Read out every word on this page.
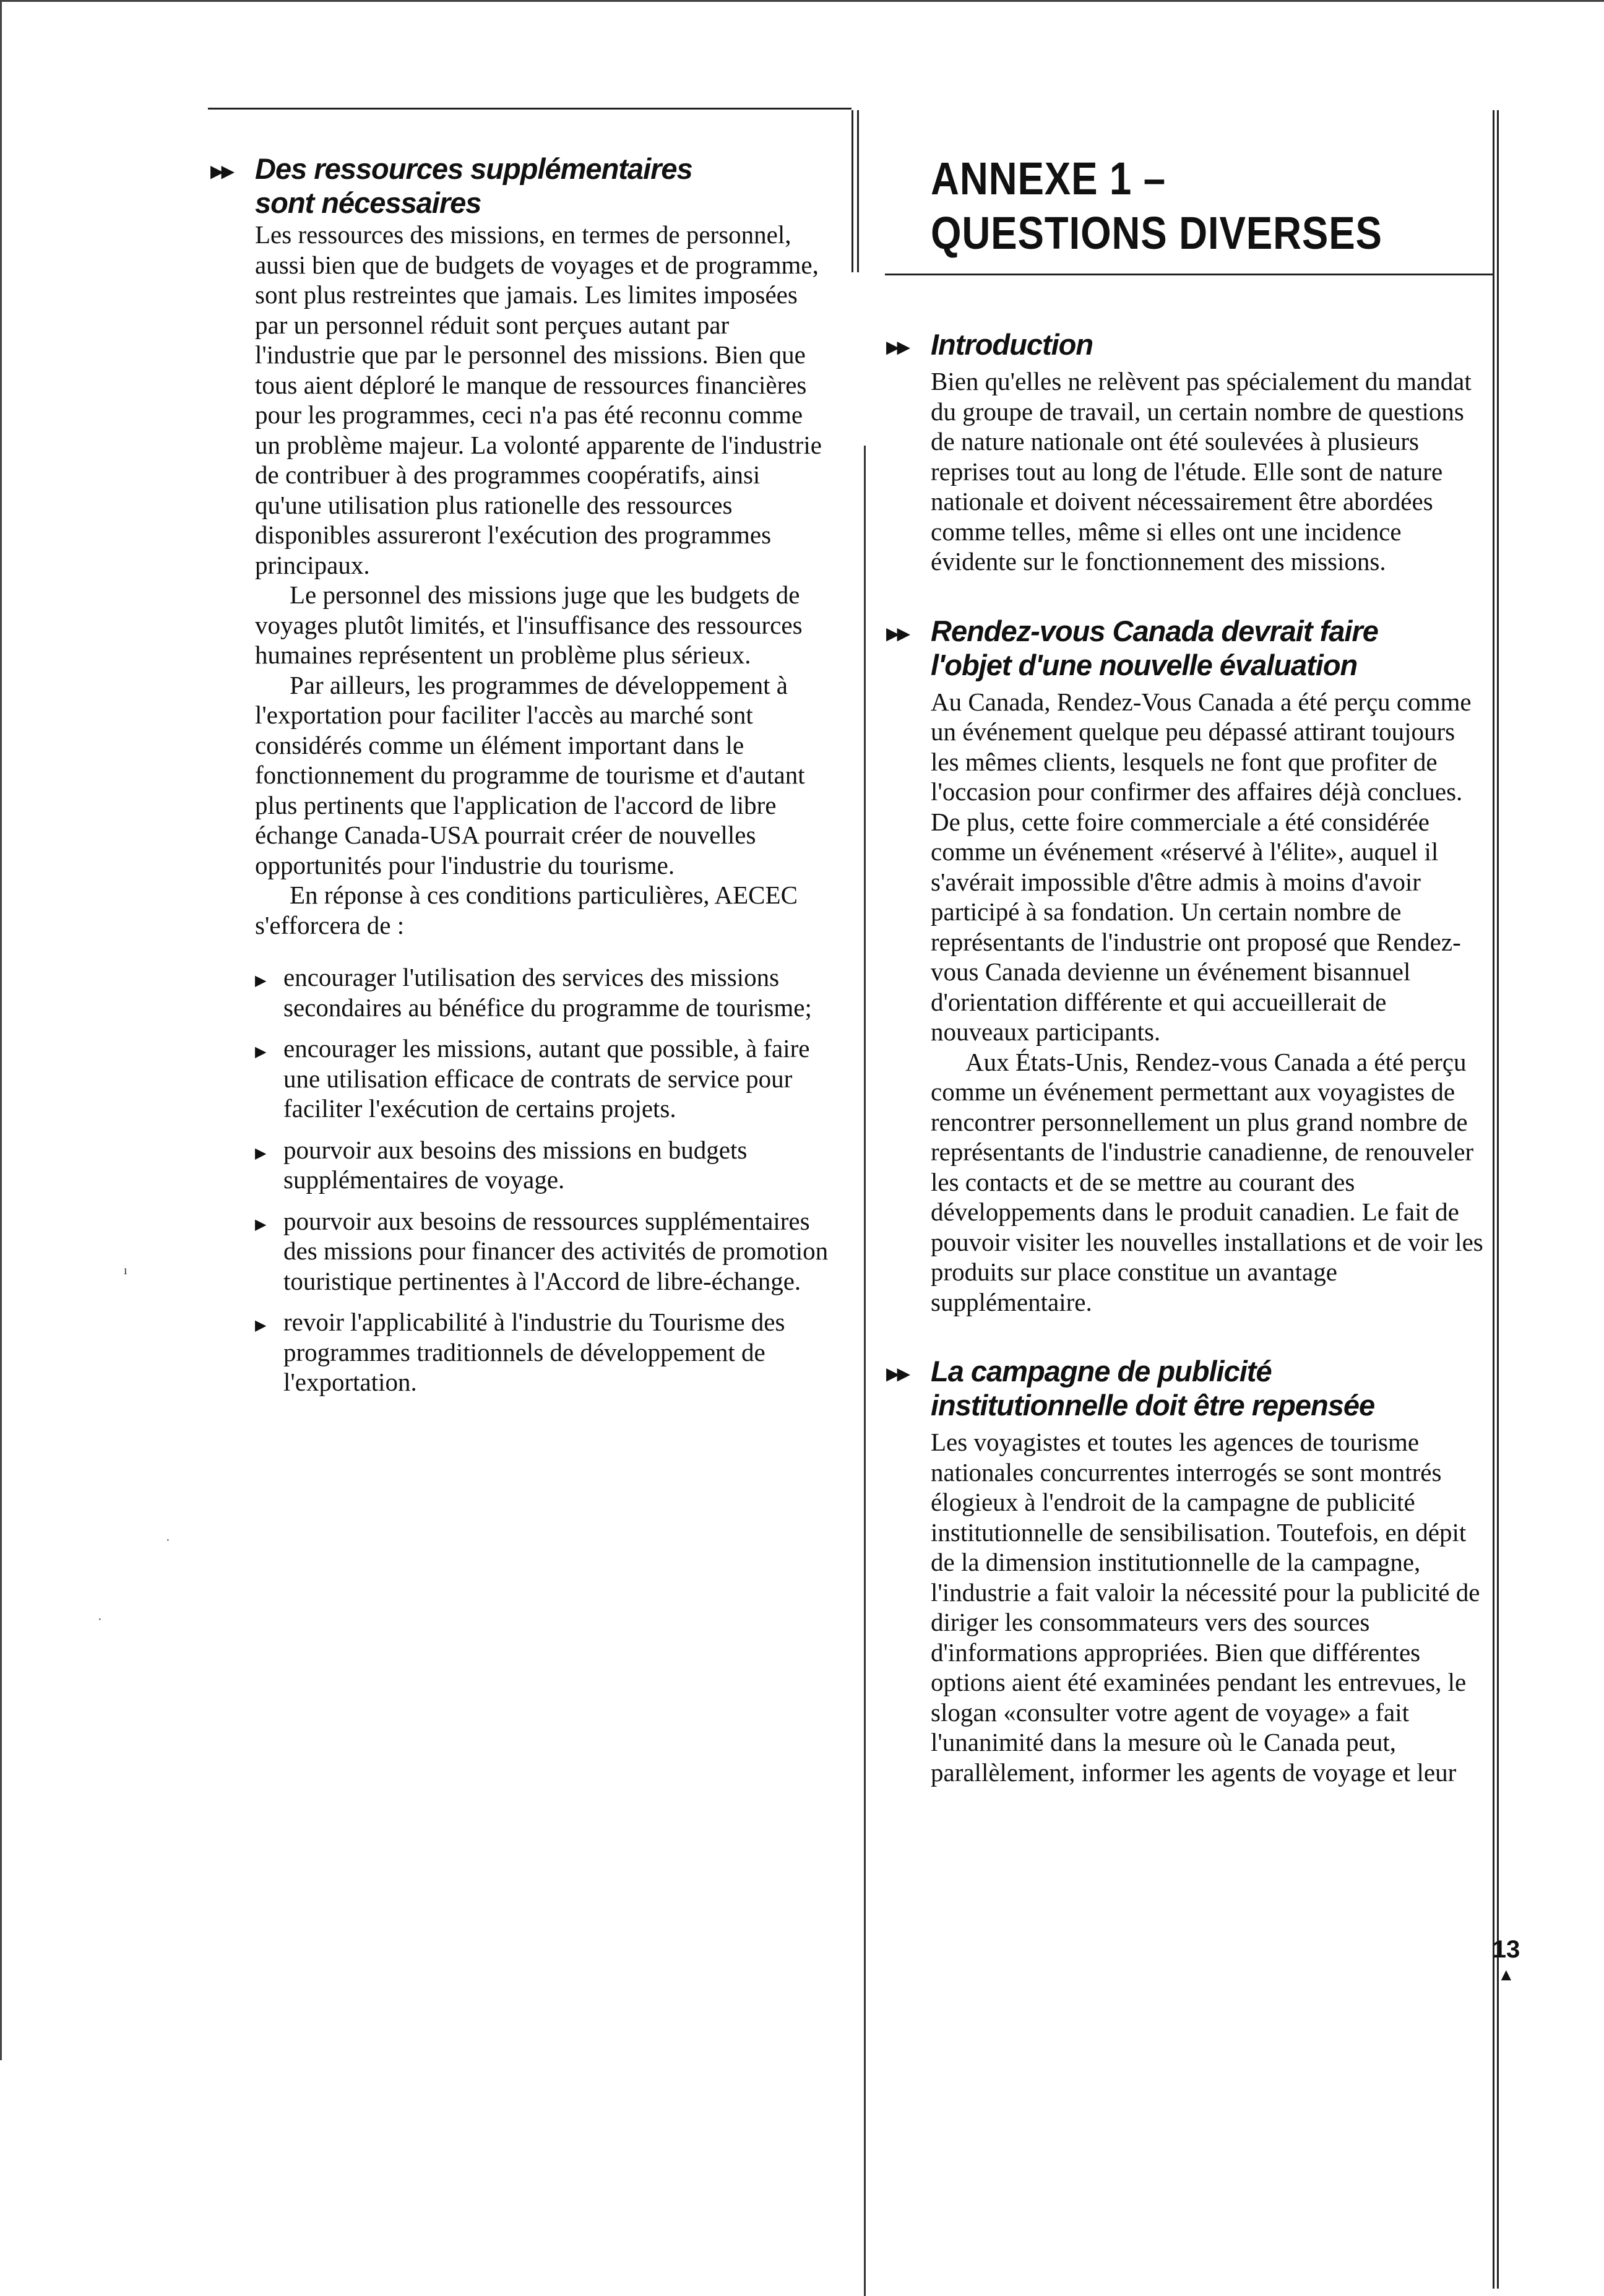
ı
·
·
▶▶ Des ressources supplémentaires
sont nécessaires

Les ressources des missions, en termes de personnel, aussi bien que de budgets de voyages et de programme, sont plus restreintes que jamais. Les limites imposées par un personnel réduit sont perçues autant par l'industrie que par le personnel des missions. Bien que tous aient déploré le manque de ressources financières pour les programmes, ceci n'a pas été reconnu comme un problème majeur. La volonté apparente de l'industrie de contribuer à des programmes coopératifs, ainsi qu'une utilisation plus rationelle des ressources disponibles assureront l'exécution des programmes principaux.

Le personnel des missions juge que les budgets de voyages plutôt limités, et l'insuffisance des ressources humaines représentent un problème plus sérieux.

Par ailleurs, les programmes de développement à l'exportation pour faciliter l'accès au marché sont considérés comme un élément important dans le fonctionnement du programme de tourisme et d'autant plus pertinents que l'application de l'accord de libre échange Canada-USA pourrait créer de nouvelles opportunités pour l'industrie du tourisme.

En réponse à ces conditions particulières, AECEC s'efforcera de :

▶ encourager l'utilisation des services des missions secondaires au bénéfice du programme de tourisme;
▶ encourager les missions, autant que possible, à faire une utilisation efficace de contrats de service pour faciliter l'exécution de certains projets.
▶ pourvoir aux besoins des missions en budgets supplémentaires de voyage.
▶ pourvoir aux besoins de ressources supplémentaires des missions pour financer des activités de promotion touristique pertinentes à l'Accord de libre-échange.
▶ revoir l'applicabilité à l'industrie du Tourisme des programmes traditionnels de développement de l'exportation.
ANNEXE 1 –
QUESTIONS DIVERSES
▶▶ Introduction

Bien qu'elles ne relèvent pas spécialement du mandat du groupe de travail, un certain nombre de questions de nature nationale ont été soulevées à plusieurs reprises tout au long de l'étude. Elle sont de nature nationale et doivent nécessairement être abordées comme telles, même si elles ont une incidence évidente sur le fonctionnement des missions.

▶▶ Rendez-vous Canada devrait faire
l'objet d'une nouvelle évaluation

Au Canada, Rendez-Vous Canada a été perçu comme un événement quelque peu dépassé attirant toujours les mêmes clients, lesquels ne font que profiter de l'occasion pour confirmer des affaires déjà conclues. De plus, cette foire commerciale a été considérée comme un événement «réservé à l'élite», auquel il s'avérait impossible d'être admis à moins d'avoir participé à sa fondation. Un certain nombre de représentants de l'industrie ont proposé que Rendez-vous Canada devienne un événement bisannuel d'orientation différente et qui accueillerait de nouveaux participants.

Aux États-Unis, Rendez-vous Canada a été perçu comme un événement permettant aux voyagistes de rencontrer personnellement un plus grand nombre de représentants de l'industrie canadienne, de renouveler les contacts et de se mettre au courant des développements dans le produit canadien. Le fait de pouvoir visiter les nouvelles installations et de voir les produits sur place constitue un avantage supplémentaire.

▶▶ La campagne de publicité
institutionnelle doit être repensée

Les voyagistes et toutes les agences de tourisme nationales concurrentes interrogés se sont montrés élogieux à l'endroit de la campagne de publicité institutionnelle de sensibilisation. Toutefois, en dépit de la dimension institutionnelle de la campagne, l'industrie a fait valoir la nécessité pour la publicité de diriger les consommateurs vers des sources d'informations appropriées. Bien que différentes options aient été examinées pendant les entrevues, le slogan «consulter votre agent de voyage» a fait l'unanimité dans la mesure où le Canada peut, parallèlement, informer les agents de voyage et leur

13
▲
